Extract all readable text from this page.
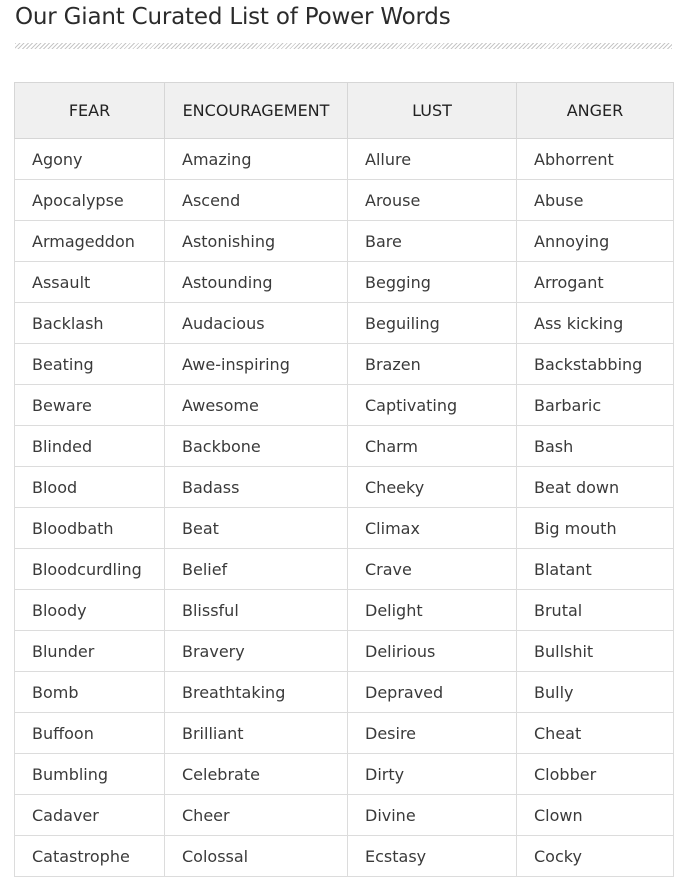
Our Giant Curated List of Power Words
FEAR	ENCOURAGEMENT	LUST	ANGER
Agony	Amazing	Allure	Abhorrent
Apocalypse	Ascend	Arouse	Abuse
Armageddon	Astonishing	Bare	Annoying
Assault	Astounding	Begging	Arrogant
Backlash	Audacious	Beguiling	Ass kicking
Beating	Awe-inspiring	Brazen	Backstabbing
Beware	Awesome	Captivating	Barbaric
Blinded	Backbone	Charm	Bash
Blood	Badass	Cheeky	Beat down
Bloodbath	Beat	Climax	Big mouth
Bloodcurdling	Belief	Crave	Blatant
Bloody	Blissful	Delight	Brutal
Blunder	Bravery	Delirious	Bullshit
Bomb	Breathtaking	Depraved	Bully
Buffoon	Brilliant	Desire	Cheat
Bumbling	Celebrate	Dirty	Clobber
Cadaver	Cheer	Divine	Clown
Catastrophe	Colossal	Ecstasy	Cocky
